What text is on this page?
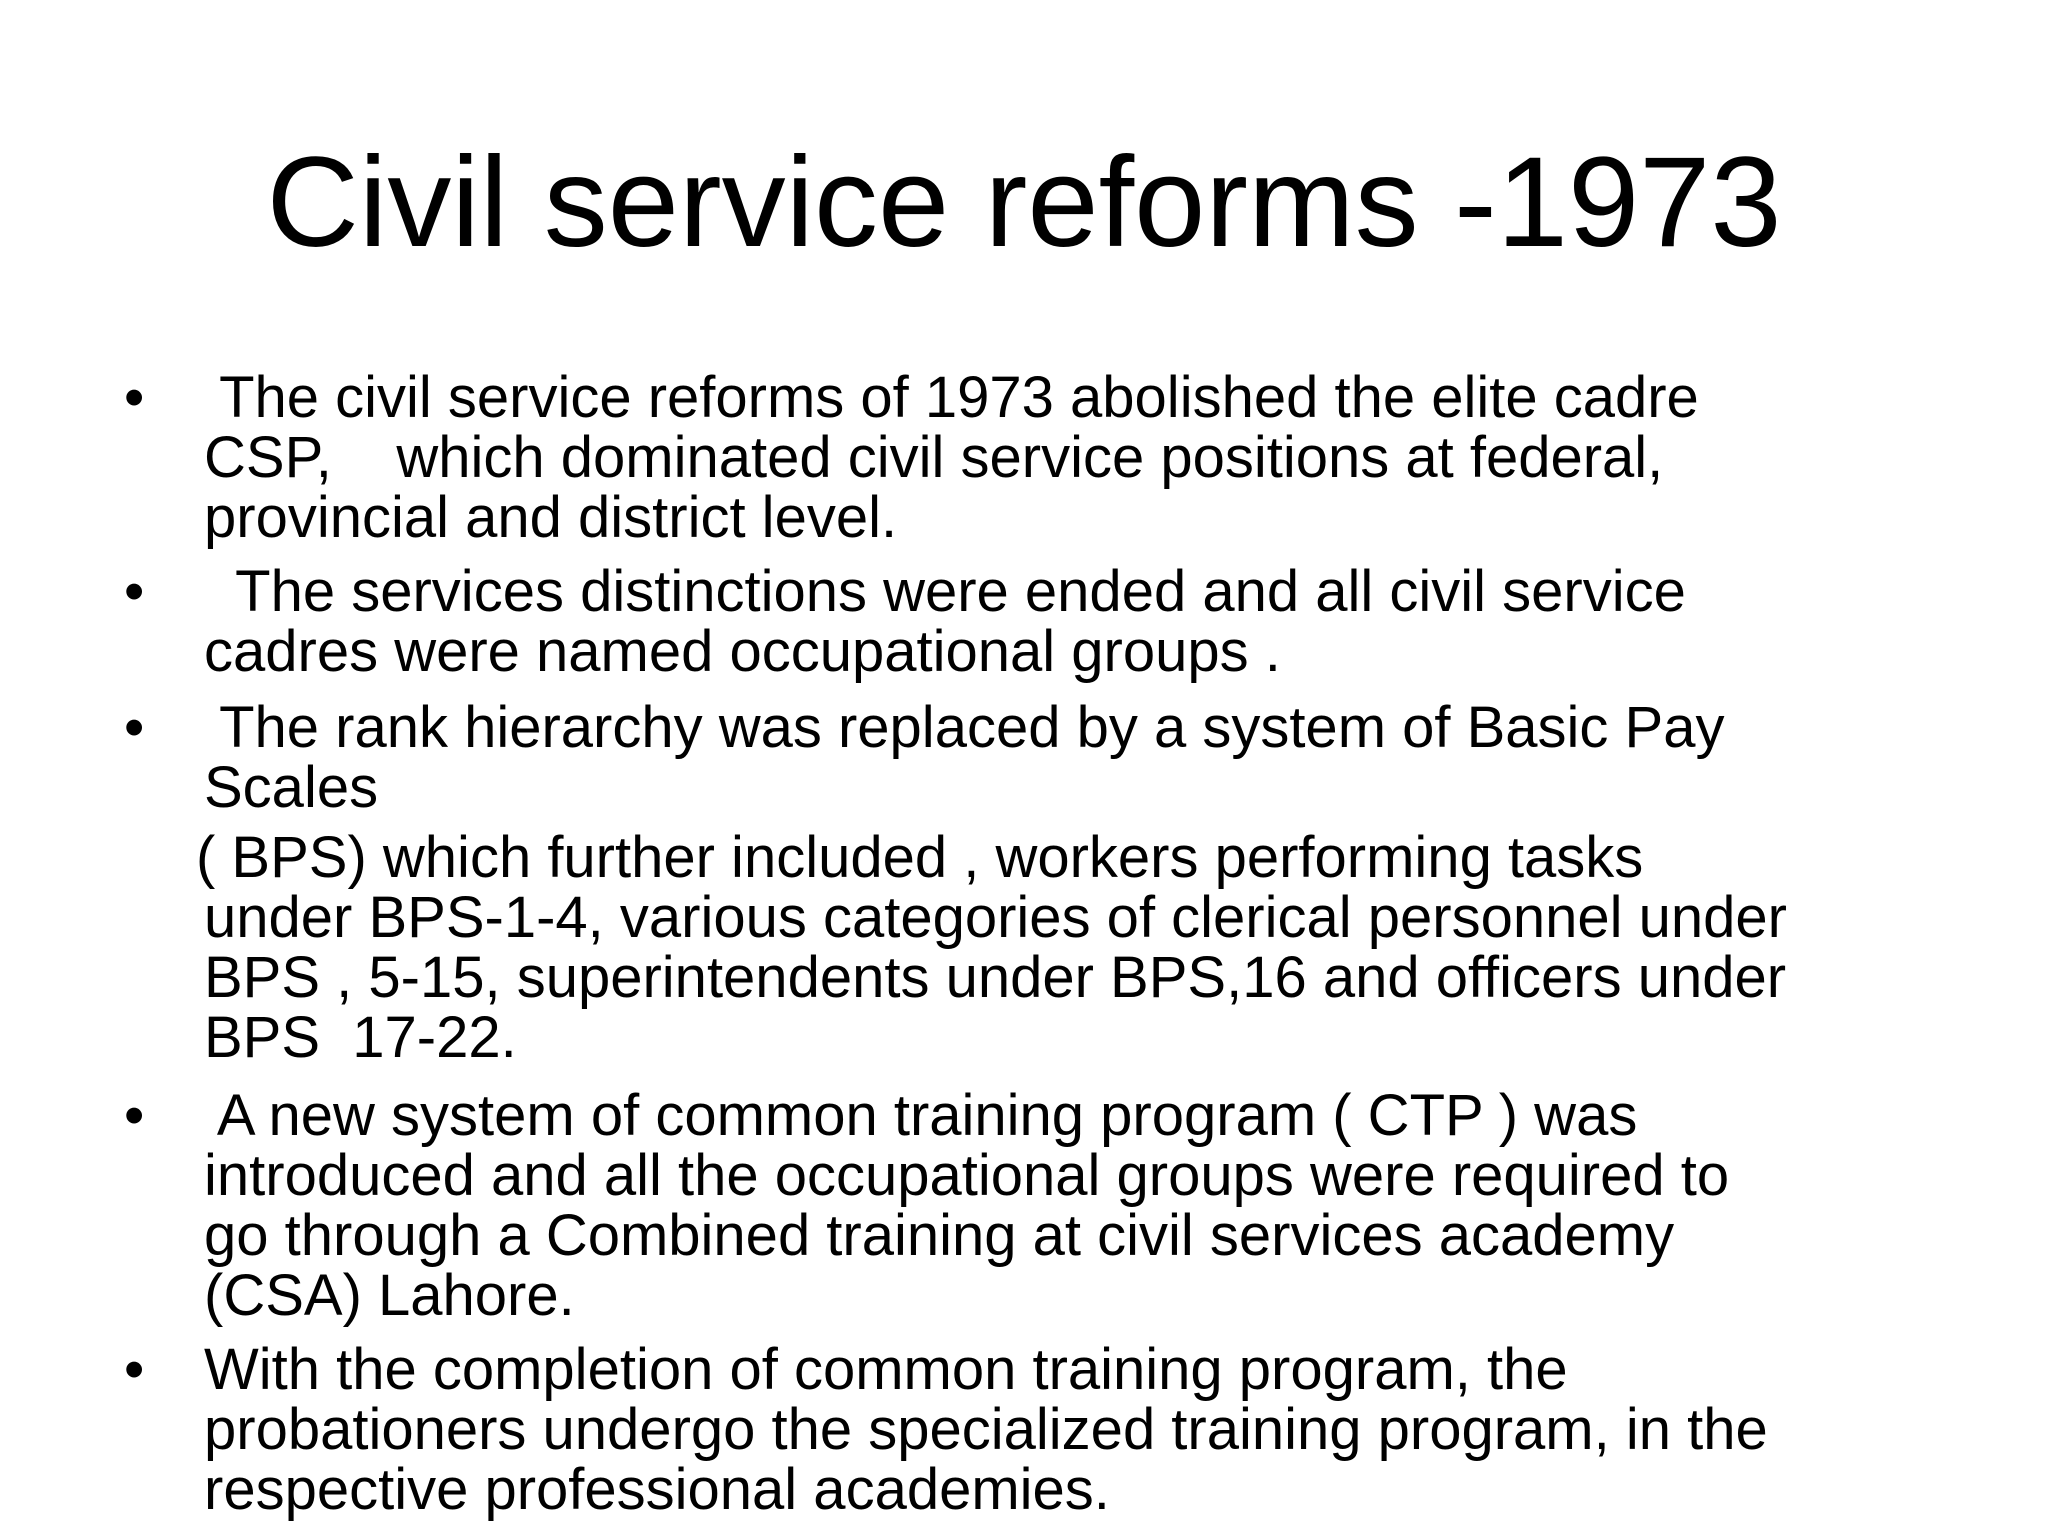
Civil service reforms -1973
• The civil service reforms of 1973 abolished the elite cadre
CSP,    which dominated civil service positions at federal,
provincial and district level.
• The services distinctions were ended and all civil service
cadres were named occupational groups .
• The rank hierarchy was replaced by a system of Basic Pay
Scales
( BPS) which further included , workers performing tasks
under BPS-1-4, various categories of clerical personnel under
BPS , 5-15, superintendents under BPS,16 and officers under
BPS  17-22.
• A new system of common training program ( CTP ) was
introduced and all the occupational groups were required to
go through a Combined training at civil services academy
(CSA) Lahore.
• With the completion of common training program, the
probationers undergo the specialized training program, in the
respective professional academies.
